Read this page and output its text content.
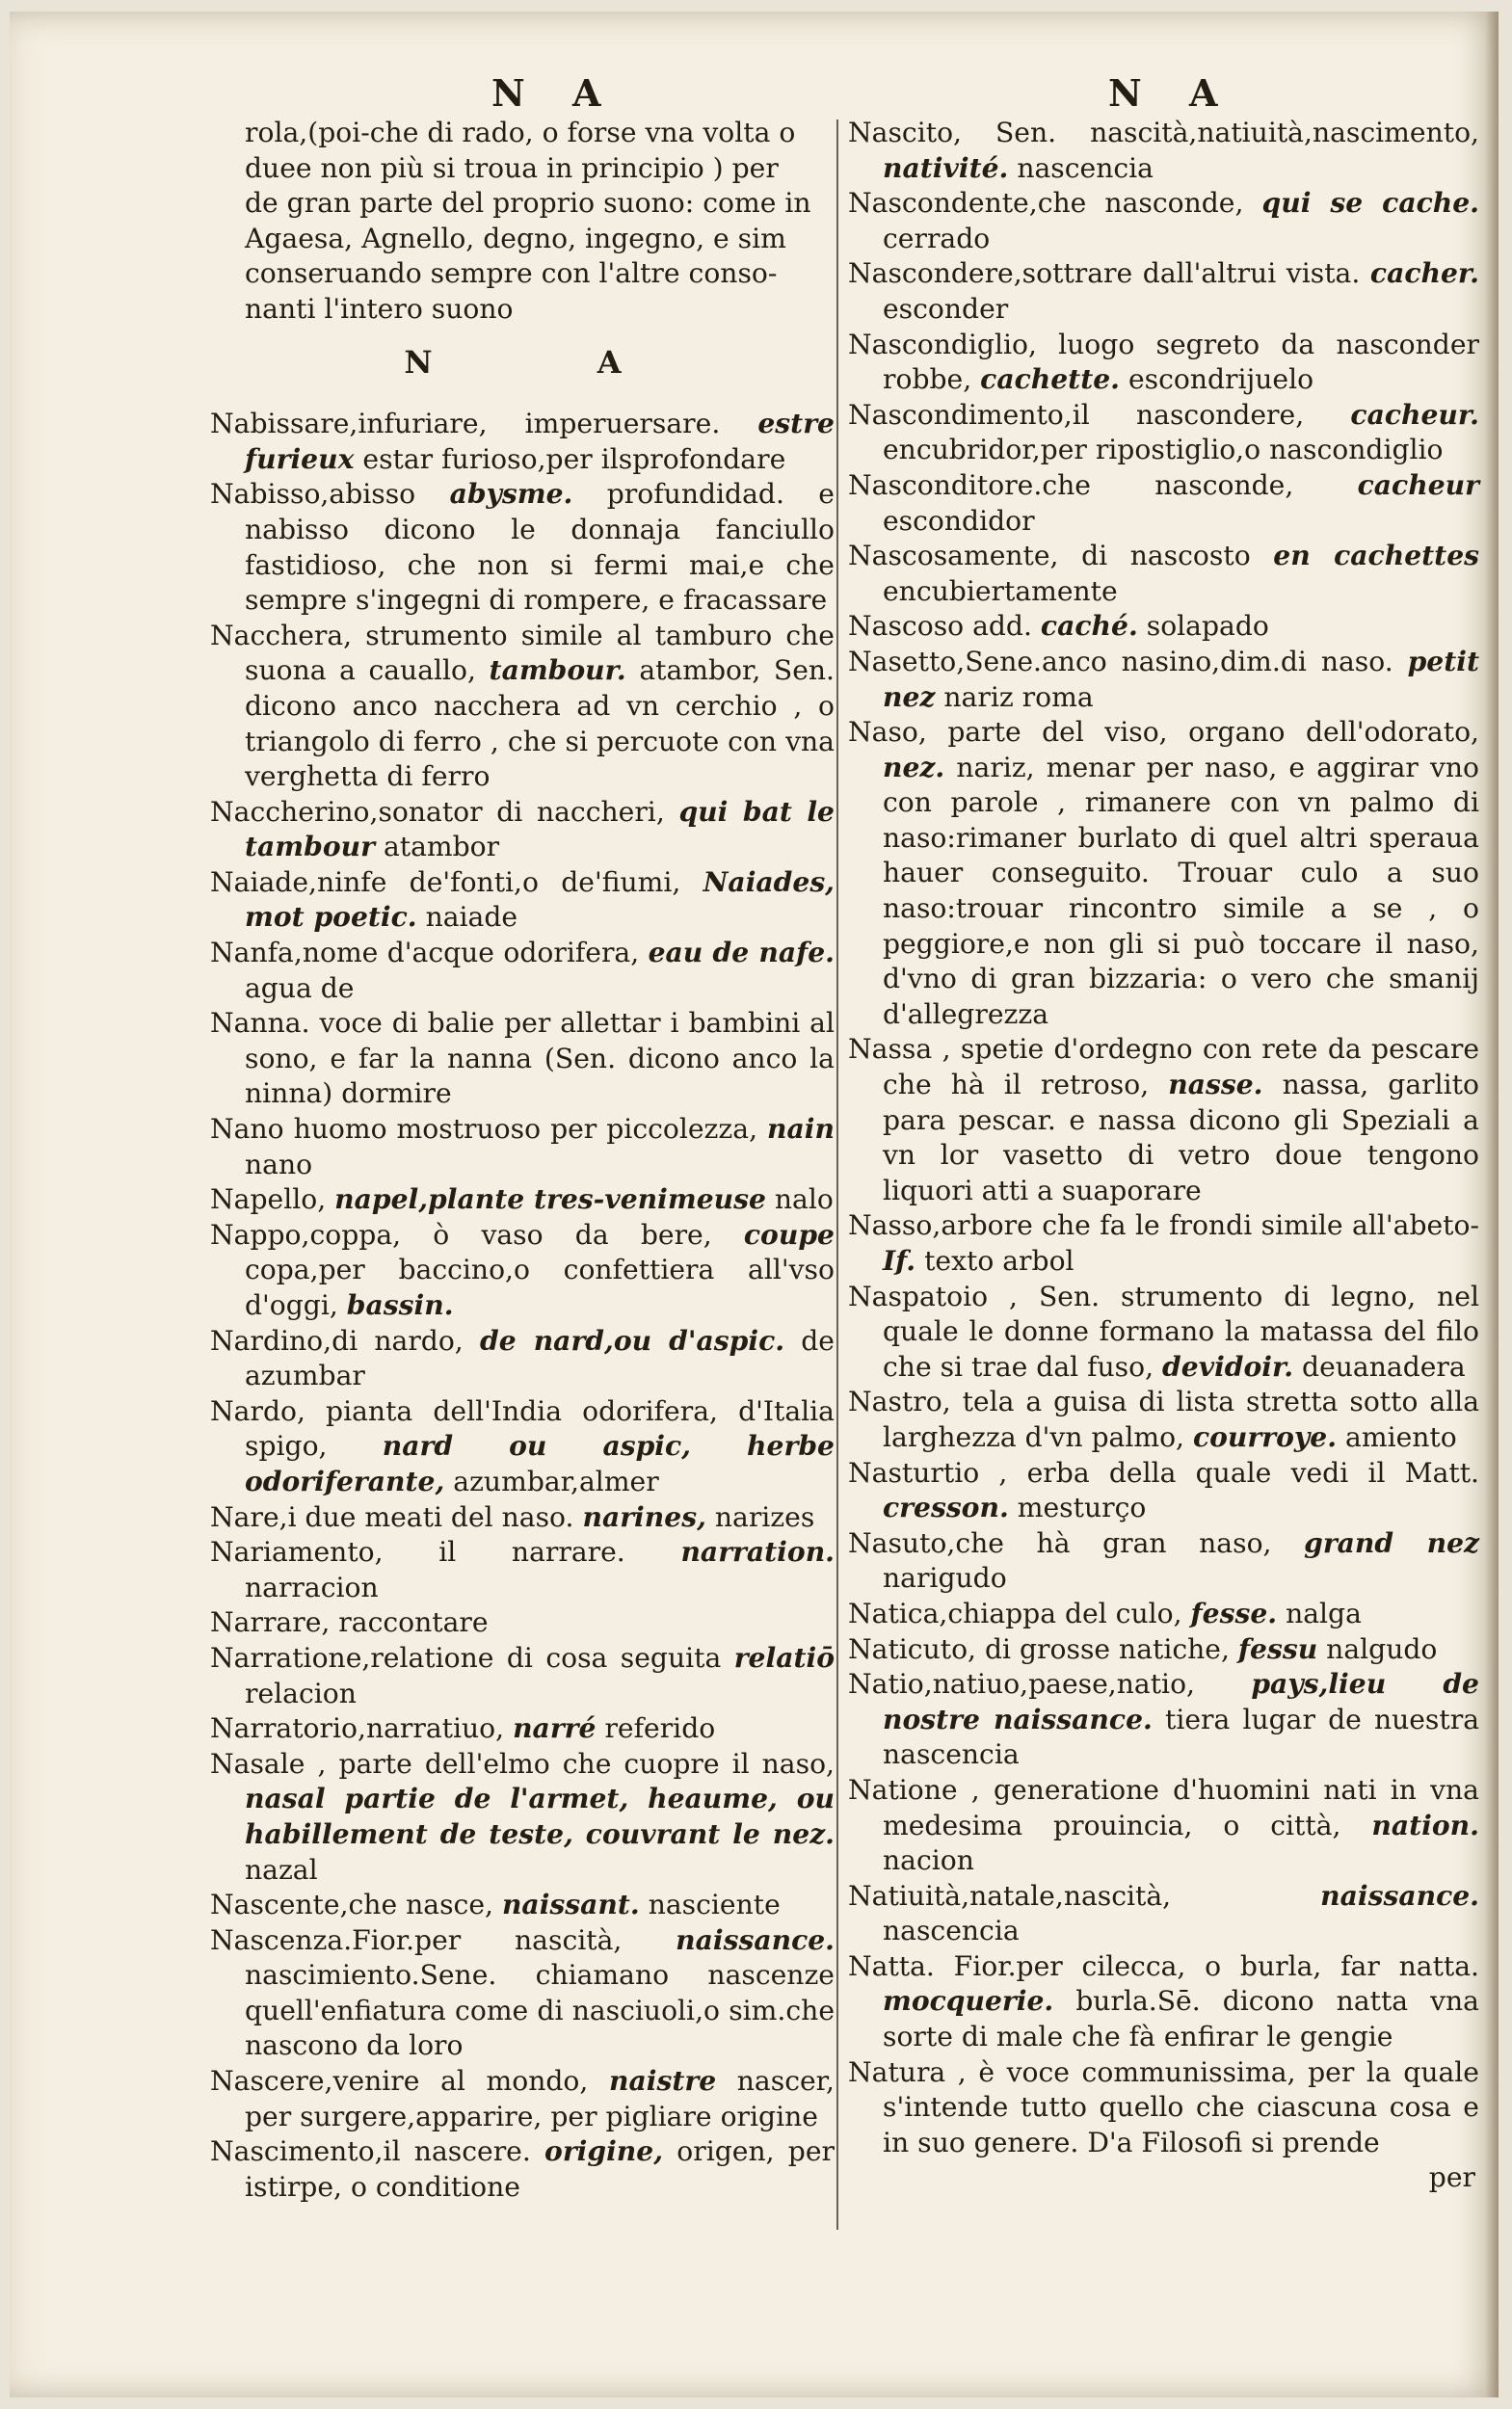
N A	N A

rola,(poi-che di rado, o forse vna volta o

duee non più si troua in principio ) per

de gran parte del proprio suono: come in

Agaesa, Agnello, degno, ingegno, e sim

conseruando sempre con l'altre conso-

nanti l'intero suono

N A
Nabissare,infuriare, imperuersare. estre furieux estar furioso,per ilsprofondare
Nabisso,abisso abysme. profundidad. e nabisso dicono le donnaja fanciullo fastidioso, che non si fermi mai,e che sempre s'ingegni di rompere, e fracassare
Nacchera, strumento simile al tamburo che suona a cauallo, tambour. atambor, Sen. dicono anco nacchera ad vn cerchio , o triangolo di ferro , che si percuote con vna verghetta di ferro
Naccherino,sonator di naccheri, qui bat le tambour atambor
Naiade,ninfe de'fonti,o de'fiumi, Naiades, mot poetic. naiade
Nanfa,nome d'acque odorifera, eau de nafe. agua de
Nanna. voce di balie per allettar i bambini al sono, e far la nanna (Sen. dicono anco la ninna) dormire
Nano huomo mostruoso per piccolezza, nain nano
Napello, napel,plante tres-venimeuse nalo
Nappo,coppa, ò vaso da bere, coupe copa,per baccino,o confettiera all'vso d'oggi, bassin.
Nardino,di nardo, de nard,ou d'aspic. de azumbar
Nardo, pianta dell'India odorifera, d'Italia spigo, nard ou aspic, herbe odoriferante, azumbar,almer
Nare,i due meati del naso. narines, narizes
Nariamento, il narrare. narration. narracion
Narrare, raccontare
Narratione,relatione di cosa seguita relatiō relacion
Narratorio,narratiuo, narré referido
Nasale , parte dell'elmo che cuopre il naso, nasal partie de l'armet, heaume, ou habillement de teste, couvrant le nez. nazal
Nascente,che nasce, naissant. nasciente
Nascenza.Fior.per nascità, naissance. nascimiento.Sene. chiamano nascenze quell'enfiatura come di nasciuoli,o sim.che nascono da loro
Nascere,venire al mondo, naistre nascer, per surgere,apparire, per pigliare origine
Nascimento,il nascere. origine, origen, per istirpe, o conditione
Nascito, Sen. nascità,natiuità,nascimento, nativité. nascencia
Nascondente,che nasconde, qui se cache. cerrado
Nascondere,sottrare dall'altrui vista. cacher. esconder
Nascondiglio, luogo segreto da nasconder robbe, cachette. escondrijuelo
Nascondimento,il nascondere, cacheur. encubridor,per ripostiglio,o nascondiglio
Nasconditore.che nasconde, cacheur escondidor
Nascosamente, di nascosto en cachettes encubiertamente
Nascoso add. caché. solapado
Nasetto,Sene.anco nasino,dim.di naso. petit nez nariz roma
Naso, parte del viso, organo dell'odorato, nez. nariz, menar per naso, e aggirar vno con parole , rimanere con vn palmo di naso:rimaner burlato di quel altri speraua hauer conseguito. Trouar culo a suo naso:trouar rincontro simile a se , o peggiore,e non gli si può toccare il naso, d'vno di gran bizzaria: o vero che smanij d'allegrezza
Nassa , spetie d'ordegno con rete da pescare che hà il retroso, nasse. nassa, garlito para pescar. e nassa dicono gli Speziali a vn lor vasetto di vetro doue tengono liquori atti a suaporare
Nasso,arbore che fa le frondi simile all'abeto- If. texto arbol
Naspatoio , Sen. strumento di legno, nel quale le donne formano la matassa del filo che si trae dal fuso, devidoir. deuanadera
Nastro, tela a guisa di lista stretta sotto alla larghezza d'vn palmo, courroye. amiento
Nasturtio , erba della quale vedi il Matt. cresson. mesturço
Nasuto,che hà gran naso, grand nez narigudo
Natica,chiappa del culo, fesse. nalga
Naticuto, di grosse natiche, fessu nalgudo
Natio,natiuo,paese,natio, pays,lieu de nostre naissance. tiera lugar de nuestra nascencia
Natione , generatione d'huomini nati in vna medesima prouincia, o città, nation. nacion
Natiuità,natale,nascità,	naissance. nascencia
Natta. Fior.per cilecca, o burla, far natta. mocquerie. burla.Sē. dicono natta vna sorte di male che fà enfirar le gengie
Natura , è voce communissima, per la quale s'intende tutto quello che ciascuna cosa e in suo genere. D'a Filosofi si prende
per
